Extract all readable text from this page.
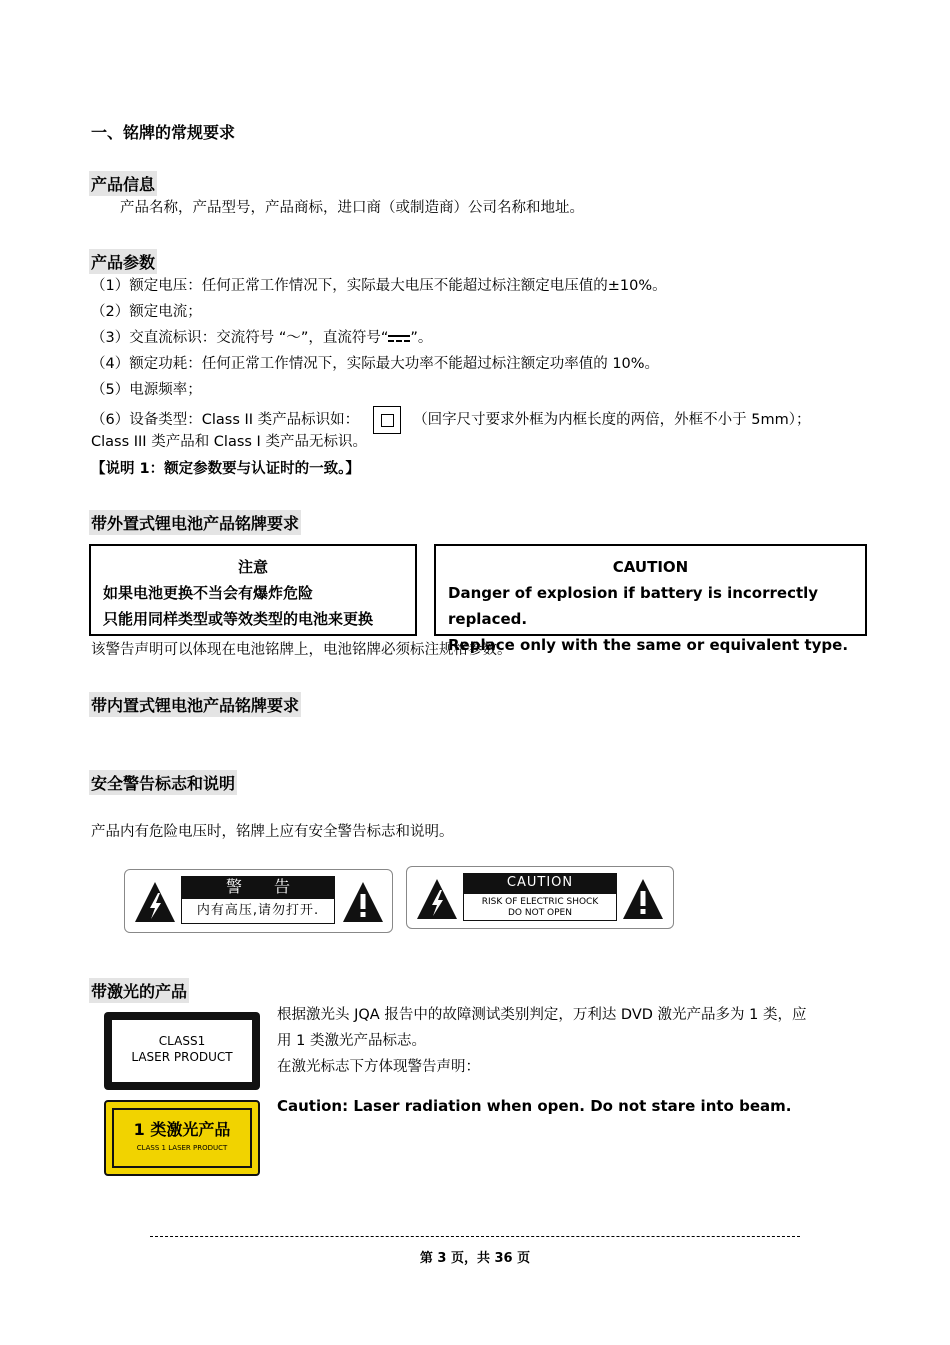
一、铭牌的常规要求
产品信息
产品名称，产品型号，产品商标，进口商（或制造商）公司名称和地址。
产品参数
（1）额定电压：任何正常工作情况下，实际最大电压不能超过标注额定电压值的±10%。
（2）额定电流；
（3）交直流标识：交流符号 “～”，直流符号“ ”。
（4）额定功耗：任何正常工作情况下，实际最大功率不能超过标注额定功率值的 10%。
（5）电源频率；
（6）设备类型：Class II 类产品标识如：	（回字尺寸要求外框为内框长度的两倍，外框不小于 5mm）；
Class III 类产品和 Class I 类产品无标识。
【说明 1：额定参数要与认证时的一致。】
带外置式锂电池产品铭牌要求
注意
如果电池更换不当会有爆炸危险
只能用同样类型或等效类型的电池来更换
CAUTION
Danger of explosion if battery is incorrectly replaced.
Replace only with the same or equivalent type.
该警告声明可以体现在电池铭牌上，电池铭牌必须标注规格参数。
带内置式锂电池产品铭牌要求
安全警告标志和说明
产品内有危险电压时，铭牌上应有安全警告标志和说明。
警　　告
内有高压,请勿打开.
CAUTION
RISK OF ELECTRIC SHOCK
DO NOT OPEN
带激光的产品
CLASS1
LASER PRODUCT
1 类激光产品
CLASS 1 LASER PRODUCT
根据激光头 JQA 报告中的故障测试类别判定，万利达 DVD 激光产品多为 1 类，应
用 1 类激光产品标志。
在激光标志下方体现警告声明：
Caution: Laser radiation when open. Do not stare into beam.
第 3 页，共 36 页
